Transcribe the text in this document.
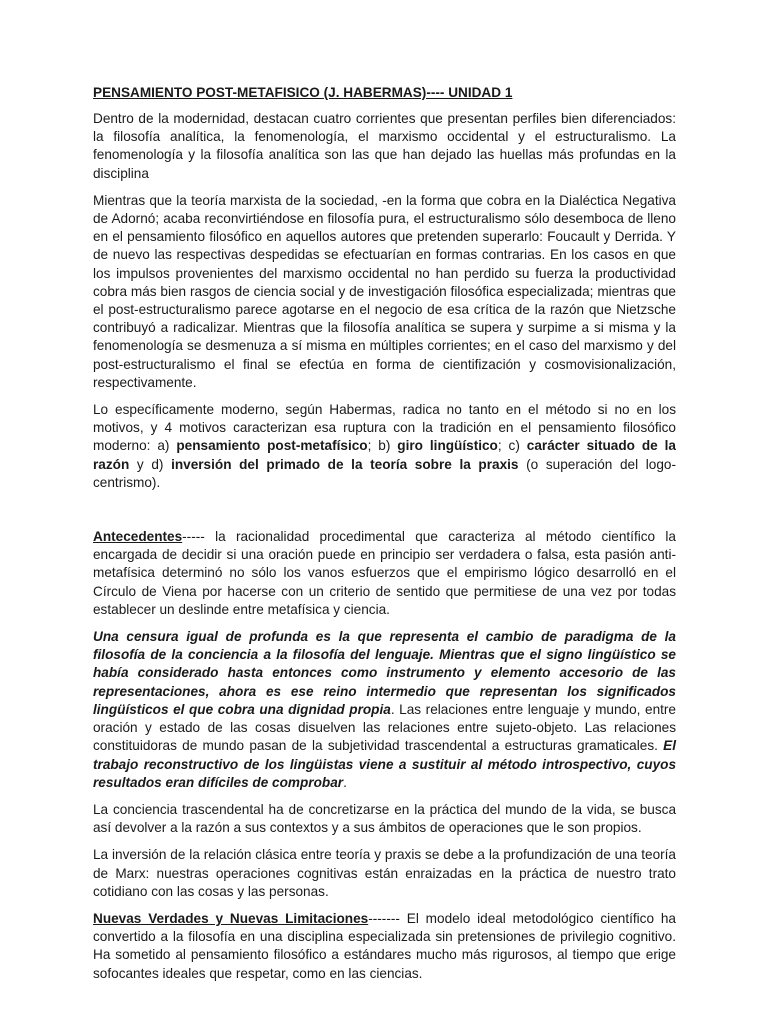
PENSAMIENTO POST-METAFISICO (J. HABERMAS)---- UNIDAD 1

Dentro de la modernidad, destacan cuatro corrientes que presentan perfiles bien diferenciados: la filosofía analítica, la fenomenología, el marxismo occidental y el estructuralismo. La fenomenología y la filosofía analítica son las que han dejado las huellas más profundas en la disciplina

Mientras que la teoría marxista de la sociedad, -en la forma que cobra en la Dialéctica Negativa de Adornó; acaba reconvirtiéndose en filosofía pura, el estructuralismo sólo desemboca de lleno en el pensamiento filosófico en aquellos autores que pretenden superarlo: Foucault y Derrida. Y de nuevo las respectivas despedidas se efectuarían en formas contrarias. En los casos en que los impulsos provenientes del marxismo occidental no han perdido su fuerza la productividad cobra más bien rasgos de ciencia social y de investigación filosófica especializada; mientras que el post-estructuralismo parece agotarse en el negocio de esa crítica de la razón que Nietzsche contribuyó a radicalizar. Mientras que la filosofía analítica se supera y surpime a si misma y la fenomenología se desmenuza a sí misma en múltiples corrientes; en el caso del marxismo y del post-estructuralismo el final se efectúa en forma de cientifización y cosmovisionalización, respectivamente.

Lo específicamente moderno, según Habermas, radica no tanto en el método si no en los motivos, y 4 motivos caracterizan esa ruptura con la tradición en el pensamiento filosófico moderno: a) pensamiento post-metafísico; b) giro lingüístico; c) carácter situado de la razón y d) inversión del primado de la teoría sobre la praxis (o superación del logo-centrismo).

Antecedentes----- la racionalidad procedimental que caracteriza al método científico la encargada de decidir si una oración puede en principio ser verdadera o falsa, esta pasión anti-metafísica determinó no sólo los vanos esfuerzos que el empirismo lógico desarrolló en el Círculo de Viena por hacerse con un criterio de sentido que permitiese de una vez por todas establecer un deslinde entre metafísica y ciencia.

Una censura igual de profunda es la que representa el cambio de paradigma de la filosofía de la conciencia a la filosofía del lenguaje. Mientras que el signo lingüístico se había considerado hasta entonces como instrumento y elemento accesorio de las representaciones, ahora es ese reino intermedio que representan los significados lingüísticos el que cobra una dignidad propia. Las relaciones entre lenguaje y mundo, entre oración y estado de las cosas disuelven las relaciones entre sujeto-objeto. Las relaciones constituidoras de mundo pasan de la subjetividad trascendental a estructuras gramaticales. El trabajo reconstructivo de los lingüistas viene a sustituir al método introspectivo, cuyos resultados eran difíciles de comprobar.

La conciencia trascendental ha de concretizarse en la práctica del mundo de la vida, se busca así devolver a la razón a sus contextos y a sus ámbitos de operaciones que le son propios.

La inversión de la relación clásica entre teoría y praxis se debe a la profundización de una teoría de Marx: nuestras operaciones cognitivas están enraizadas en la práctica de nuestro trato cotidiano con las cosas y las personas.

Nuevas Verdades y Nuevas Limitaciones------- El modelo ideal metodológico científico ha convertido a la filosofía en una disciplina especializada sin pretensiones de privilegio cognitivo. Ha sometido al pensamiento filosófico a estándares mucho más rigurosos, al tiempo que erige sofocantes ideales que respetar, como en las ciencias.
